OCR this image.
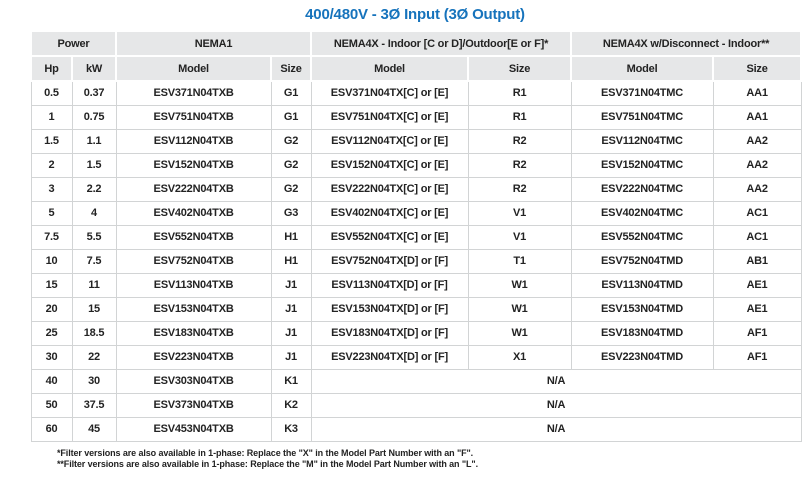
400/480V - 3Ø Input (3Ø Output)
Power		NEMA1		NEMA4X - Indoor [C or D]/Outdoor[E or F]*		NEMA4X w/Disconnect - Indoor**	
Hp	kW	Model	Size	Model	Size	Model	Size
0.5	0.37	ESV371N04TXB	G1	ESV371N04TX[C] or [E]	R1	ESV371N04TMC	AA1
1	0.75	ESV751N04TXB	G1	ESV751N04TX[C] or [E]	R1	ESV751N04TMC	AA1
1.5	1.1	ESV112N04TXB	G2	ESV112N04TX[C] or [E]	R2	ESV112N04TMC	AA2
2	1.5	ESV152N04TXB	G2	ESV152N04TX[C] or [E]	R2	ESV152N04TMC	AA2
3	2.2	ESV222N04TXB	G2	ESV222N04TX[C] or [E]	R2	ESV222N04TMC	AA2
5	4	ESV402N04TXB	G3	ESV402N04TX[C] or [E]	V1	ESV402N04TMC	AC1
7.5	5.5	ESV552N04TXB	H1	ESV552N04TX[C] or [E]	V1	ESV552N04TMC	AC1
10	7.5	ESV752N04TXB	H1	ESV752N04TX[D] or [F]	T1	ESV752N04TMD	AB1
15	11	ESV113N04TXB	J1	ESV113N04TX[D] or [F]	W1	ESV113N04TMD	AE1
20	15	ESV153N04TXB	J1	ESV153N04TX[D] or [F]	W1	ESV153N04TMD	AE1
25	18.5	ESV183N04TXB	J1	ESV183N04TX[D] or [F]	W1	ESV183N04TMD	AF1
30	22	ESV223N04TXB	J1	ESV223N04TX[D] or [F]	X1	ESV223N04TMD	AF1
40	30	ESV303N04TXB	K1	N/A			
50	37.5	ESV373N04TXB	K2	N/A			
60	45	ESV453N04TXB	K3	N/A			
*Filter versions are also available in 1-phase: Replace the "X" in the Model Part Number with an "F".
**Filter versions are also available in 1-phase: Replace the "M" in the Model Part Number with an "L".
